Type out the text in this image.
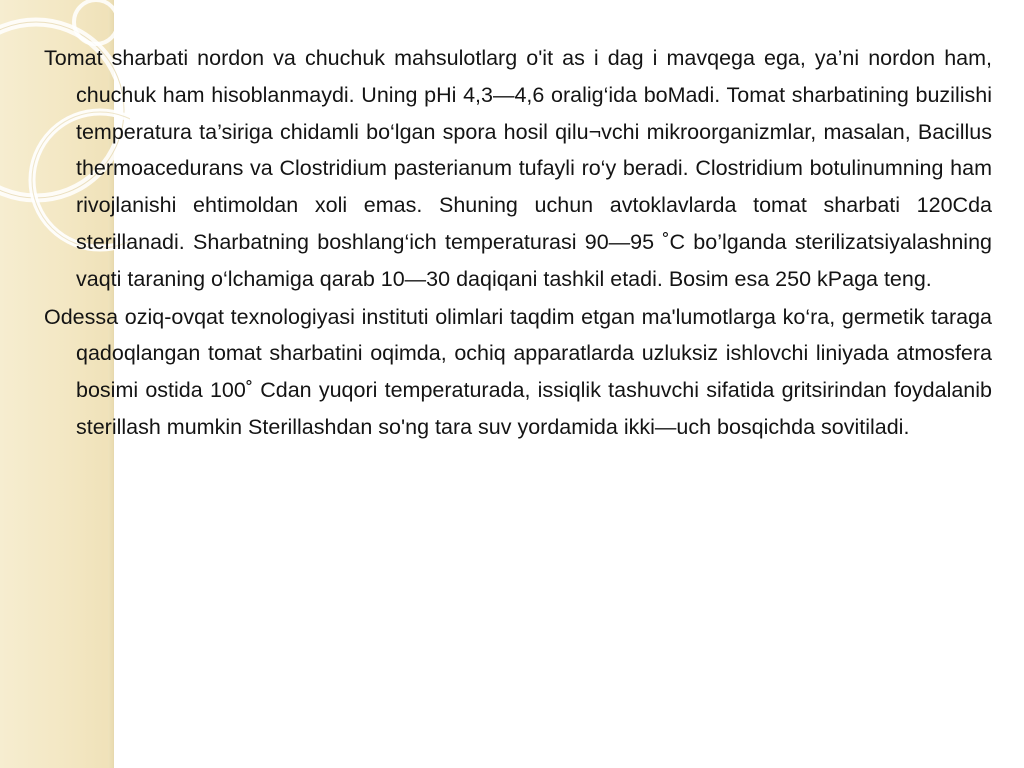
Tomat sharbati nordon va chuchuk mahsulotlarg o'it as i dag i mavqega ega, ya’ni nordon ham, chuchuk ham hisoblanmaydi. Uning pHi 4,3—4,6 oralig‘ida boMadi. Tomat sharbatining buzilishi temperatura ta’siriga chidamli bo‘lgan spora hosil qilu¬vchi mikroorganizmlar, masalan, Bacillus thermoacedurans va Clostridium pasterianum tufayli ro‘y beradi. Clostridium botulinumning ham rivojlanishi ehtimoldan xoli emas. Shuning uchun avtoklavlarda tomat sharbati 120Cda sterillanadi. Sharbatning boshlang‘ich temperaturasi 90—95 ˚C bo’lganda sterilizatsiyalashning vaqti taraning o‘lchamiga qarab 10—30 daqiqani tashkil etadi. Bosim esa 250 kPaga teng.

Odessa oziq-ovqat texnologiyasi instituti olimlari taqdim etgan ma'lumotlarga ko‘ra, germetik taraga qadoqlangan tomat sharbatini oqimda, ochiq apparatlarda uzluksiz ishlovchi liniyada atmosfera bosimi ostida 100˚ Cdan yuqori temperaturada, issiqlik tashuvchi sifatida gritsirindan foydalanib sterillash mumkin Sterillashdan so'ng tara suv yordamida ikki—uch bosqichda sovitiladi.
